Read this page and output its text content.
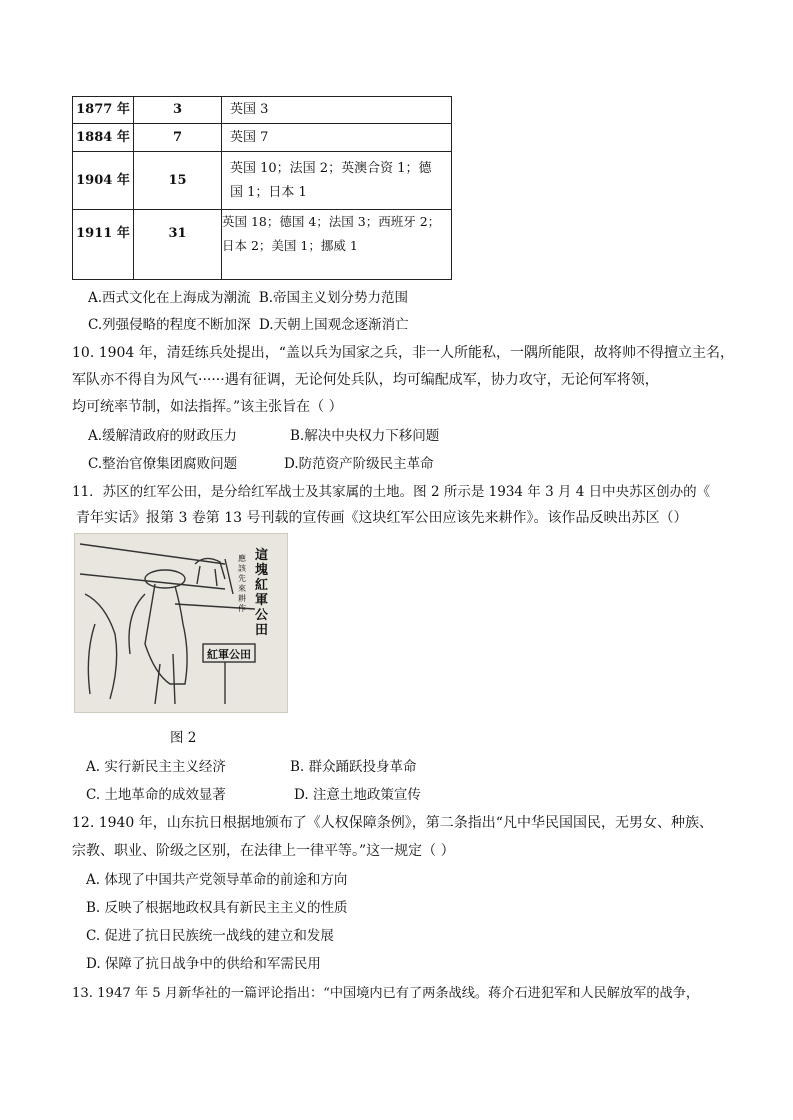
1877 年	3	英国 3

1884 年	7	英国 7

1904 年	15	英国 10；法国 2；英澳合资 1；德
国 1；日本 1

1911 年	31	英国 18；德国 4；法国 3；西班牙 2；
日本 2；美国 1；挪威 1
A.西式文化在上海成为潮流 B.帝国主义划分势力范围
C.列强侵略的程度不断加深 D.天朝上国观念逐渐消亡
10. 1904 年，清廷练兵处提出，“盖以兵为国家之兵，非一人所能私，一隅所能限，故将帅不得擅立主名，
军队亦不得自为风气······遇有征调，无论何处兵队，均可编配成军，协力攻守，无论何军将领，
均可统率节制，如法指挥。”该主张旨在（ ）
A.缓解清政府的财政压力	B.解决中央权力下移问题
C.整治官僚集团腐败问题	D.防范资产阶级民主革命
11．苏区的红军公田，是分给红军战士及其家属的土地。图 2 所示是 1934 年 3 月 4 日中央苏区创办的《
青年实话》报第 3 卷第 13 号刊载的宣传画《这块红军公田应该先来耕作》。该作品反映出苏区（）
這塊紅軍公田
應該先來耕作
紅軍公田
图 2
A. 实行新民主主义经济	B. 群众踊跃投身革命
C. 土地革命的成效显著	D. 注意土地政策宣传
12. 1940 年，山东抗日根据地颁布了《人权保障条例》，第二条指出“凡中华民国国民，无男女、种族、
宗教、职业、阶级之区别，在法律上一律平等。”这一规定（ ）
A. 体现了中国共产党领导革命的前途和方向
B. 反映了根据地政权具有新民主主义的性质
C. 促进了抗日民族统一战线的建立和发展
D. 保障了抗日战争中的供给和军需民用
13. 1947 年 5 月新华社的一篇评论指出：“中国境内已有了两条战线。蒋介石进犯军和人民解放军的战争，
